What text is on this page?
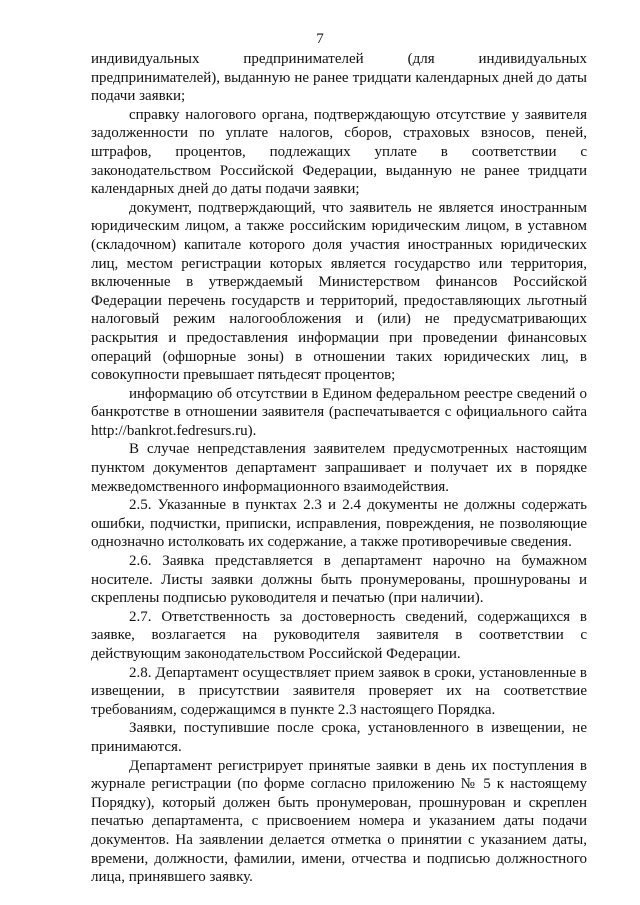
7

индивидуальных предпринимателей (для индивидуальных предпринимателей), выданную не ранее тридцати календарных дней до даты подачи заявки;

справку налогового органа, подтверждающую отсутствие у заявителя задолженности по уплате налогов, сборов, страховых взносов, пеней, штрафов, процентов, подлежащих уплате в соответствии с законодательством Российской Федерации, выданную не ранее тридцати календарных дней до даты подачи заявки;

документ, подтверждающий, что заявитель не является иностранным юридическим лицом, а также российским юридическим лицом, в уставном (складочном) капитале которого доля участия иностранных юридических лиц, местом регистрации которых является государство или территория, включенные в утверждаемый Министерством финансов Российской Федерации перечень государств и территорий, предоставляющих льготный налоговый режим налогообложения и (или) не предусматривающих раскрытия и предоставления информации при проведении финансовых операций (офшорные зоны) в отношении таких юридических лиц, в совокупности превышает пятьдесят процентов;

информацию об отсутствии в Едином федеральном реестре сведений о банкротстве в отношении заявителя (распечатывается с официального сайта http://bankrot.fedresurs.ru).

В случае непредставления заявителем предусмотренных настоящим пунктом документов департамент запрашивает и получает их в порядке межведомственного информационного взаимодействия.

2.5. Указанные в пунктах 2.3 и 2.4 документы не должны содержать ошибки, подчистки, приписки, исправления, повреждения, не позволяющие однозначно истолковать их содержание, а также противоречивые сведения.

2.6. Заявка представляется в департамент нарочно на бумажном носителе. Листы заявки должны быть пронумерованы, прошнурованы и скреплены подписью руководителя и печатью (при наличии).

2.7. Ответственность за достоверность сведений, содержащихся в заявке, возлагается на руководителя заявителя в соответствии с действующим законодательством Российской Федерации.

2.8. Департамент осуществляет прием заявок в сроки, установленные в извещении, в присутствии заявителя проверяет их на соответствие требованиям, содержащимся в пункте 2.3 настоящего Порядка.

Заявки, поступившие после срока, установленного в извещении, не принимаются.

Департамент регистрирует принятые заявки в день их поступления в журнале регистрации (по форме согласно приложению № 5 к настоящему Порядку), который должен быть пронумерован, прошнурован и скреплен печатью департамента, с присвоением номера и указанием даты подачи документов. На заявлении делается отметка о принятии с указанием даты, времени, должности, фамилии, имени, отчества и подписью должностного лица, принявшего заявку.
